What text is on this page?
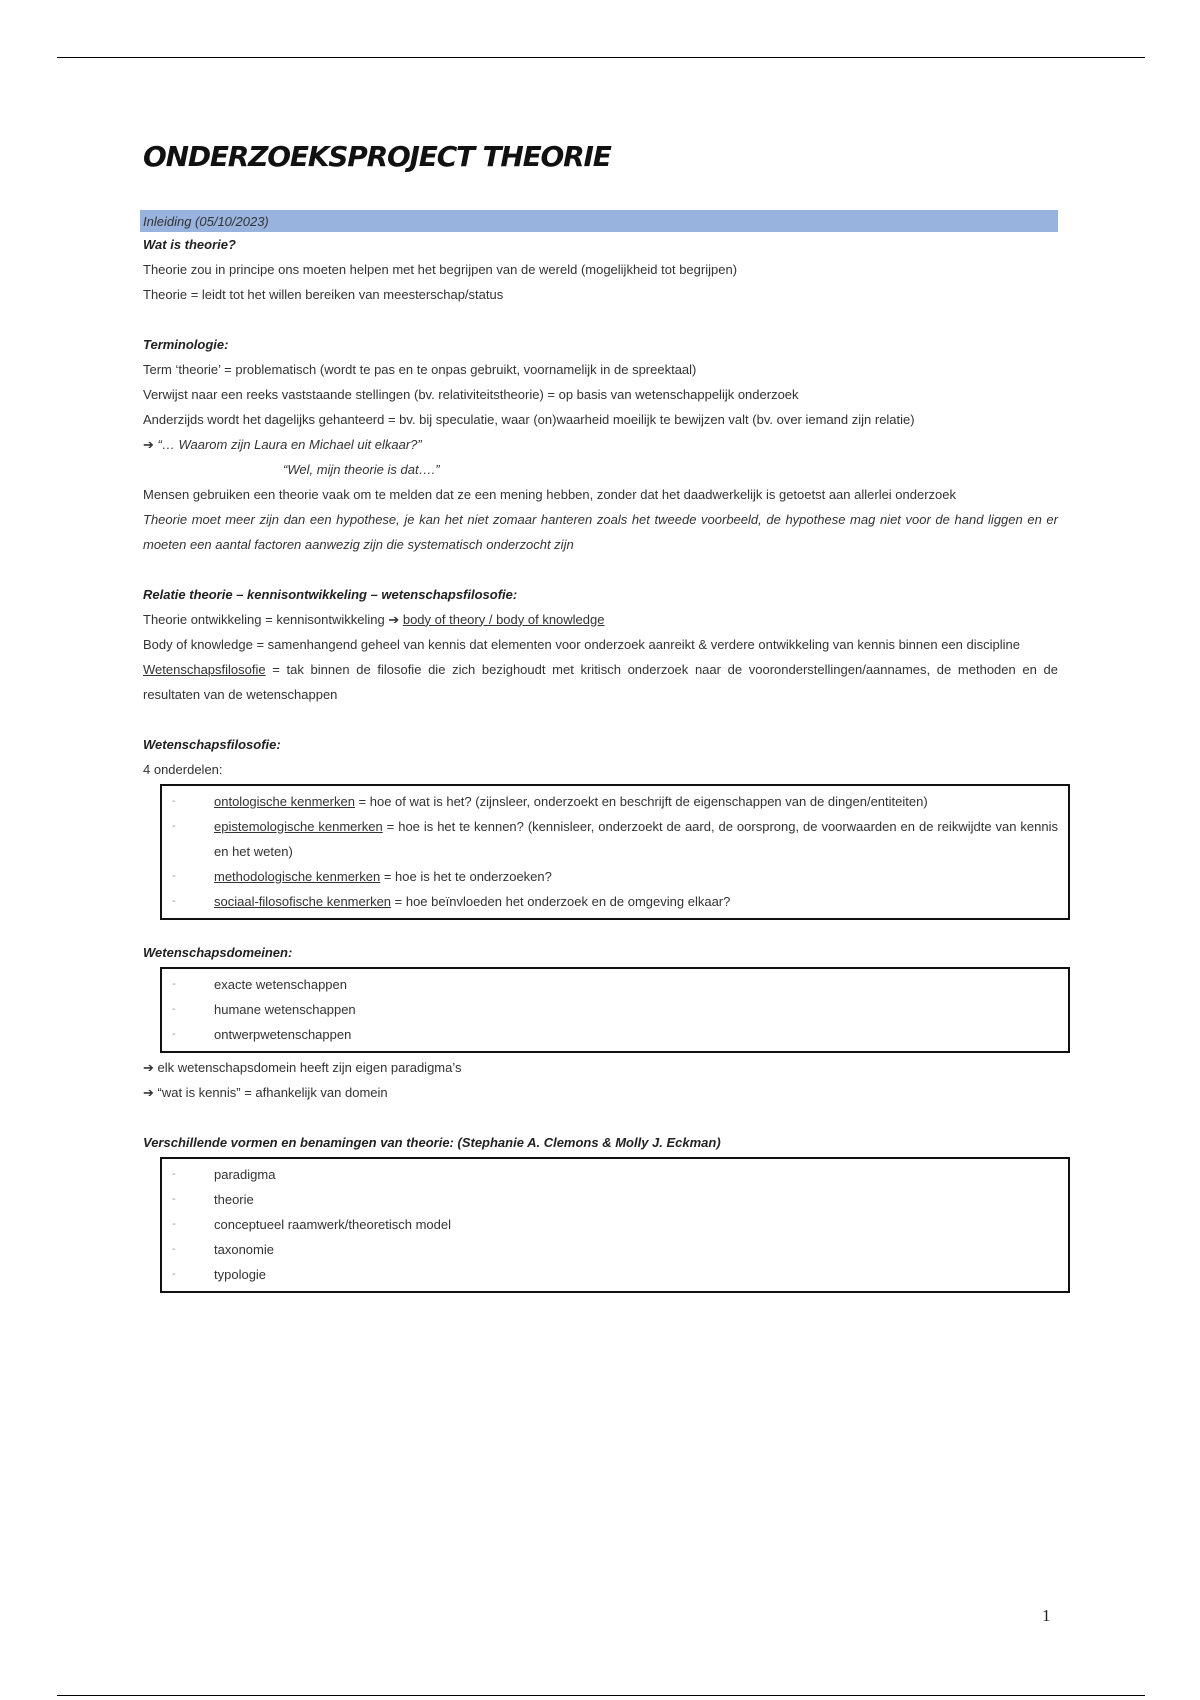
ONDERZOEKSPROJECT THEORIE
Inleiding (05/10/2023)
Wat is theorie?
Theorie zou in principe ons moeten helpen met het begrijpen van de wereld (mogelijkheid tot begrijpen)
Theorie = leidt tot het willen bereiken van meesterschap/status
Terminologie:
Term ‘theorie’ = problematisch (wordt te pas en te onpas gebruikt, voornamelijk in de spreektaal)
Verwijst naar een reeks vaststaande stellingen (bv. relativiteitstheorie) = op basis van wetenschappelijk onderzoek
Anderzijds wordt het dagelijks gehanteerd = bv. bij speculatie, waar (on)waarheid moeilijk te bewijzen valt (bv. over iemand zijn relatie)
➔ “… Waarom zijn Laura en Michael uit elkaar?”
“Wel, mijn theorie is dat….”
Mensen gebruiken een theorie vaak om te melden dat ze een mening hebben, zonder dat het daadwerkelijk is getoetst aan allerlei onderzoek
Theorie moet meer zijn dan een hypothese, je kan het niet zomaar hanteren zoals het tweede voorbeeld, de hypothese mag niet voor de hand liggen en er moeten een aantal factoren aanwezig zijn die systematisch onderzocht zijn
Relatie theorie – kennisontwikkeling – wetenschapsfilosofie:
Theorie ontwikkeling = kennisontwikkeling ➔ body of theory / body of knowledge
Body of knowledge = samenhangend geheel van kennis dat elementen voor onderzoek aanreikt & verdere ontwikkeling van kennis binnen een discipline
Wetenschapsfilosofie = tak binnen de filosofie die zich bezighoudt met kritisch onderzoek naar de vooronderstellingen/aannames, de methoden en de resultaten van de wetenschappen
Wetenschapsfilosofie:
4 onderdelen:
-	ontologische kenmerken = hoe of wat is het? (zijnsleer, onderzoekt en beschrijft de eigenschappen van de dingen/entiteiten)
-	epistemologische kenmerken = hoe is het te kennen? (kennisleer, onderzoekt de aard, de oorsprong, de voorwaarden en de reikwijdte van kennis en het weten)
-	methodologische kenmerken = hoe is het te onderzoeken?
-	sociaal-filosofische kenmerken = hoe beïnvloeden het onderzoek en de omgeving elkaar?
Wetenschapsdomeinen:
-	exacte wetenschappen
-	humane wetenschappen
-	ontwerpwetenschappen
➔ elk wetenschapsdomein heeft zijn eigen paradigma’s
➔ “wat is kennis” = afhankelijk van domein
Verschillende vormen en benamingen van theorie: (Stephanie A. Clemons & Molly J. Eckman)
-	paradigma
-	theorie
-	conceptueel raamwerk/theoretisch model
-	taxonomie
-	typologie
1
